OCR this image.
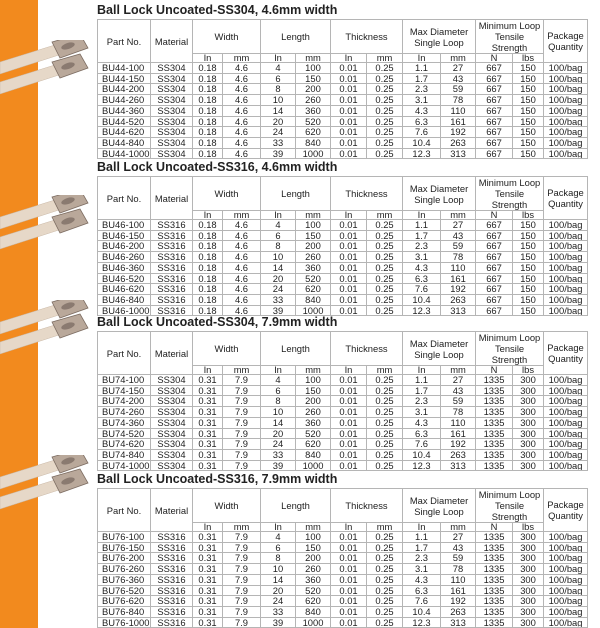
Ball Lock Uncoated-SS304, 4.6mm width
Part No.	Material	Width		Length		Thickness		Max Diameter Single Loop		Minimum Loop Tensile Strength		Package Quantity
		In	mm	In	mm	In	mm	In	mm	N	lbs	
BU44-100	SS304	0.18	4.6	4	100	0.01	0.25	1.1	27	667	150	100/bag
BU44-150	SS304	0.18	4.6	6	150	0.01	0.25	1.7	43	667	150	100/bag
BU44-200	SS304	0.18	4.6	8	200	0.01	0.25	2.3	59	667	150	100/bag
BU44-260	SS304	0.18	4.6	10	260	0.01	0.25	3.1	78	667	150	100/bag
BU44-360	SS304	0.18	4.6	14	360	0.01	0.25	4.3	110	667	150	100/bag
BU44-520	SS304	0.18	4.6	20	520	0.01	0.25	6.3	161	667	150	100/bag
BU44-620	SS304	0.18	4.6	24	620	0.01	0.25	7.6	192	667	150	100/bag
BU44-840	SS304	0.18	4.6	33	840	0.01	0.25	10.4	263	667	150	100/bag
BU44-1000	SS304	0.18	4.6	39	1000	0.01	0.25	12.3	313	667	150	100/bag
Ball Lock Uncoated-SS316, 4.6mm width
Part No.	Material	Width		Length		Thickness		Max Diameter Single Loop		Minimum Loop Tensile Strength		Package Quantity
		In	mm	In	mm	In	mm	In	mm	N	lbs	
BU46-100	SS316	0.18	4.6	4	100	0.01	0.25	1.1	27	667	150	100/bag
BU46-150	SS316	0.18	4.6	6	150	0.01	0.25	1.7	43	667	150	100/bag
BU46-200	SS316	0.18	4.6	8	200	0.01	0.25	2.3	59	667	150	100/bag
BU46-260	SS316	0.18	4.6	10	260	0.01	0.25	3.1	78	667	150	100/bag
BU46-360	SS316	0.18	4.6	14	360	0.01	0.25	4.3	110	667	150	100/bag
BU46-520	SS316	0.18	4.6	20	520	0.01	0.25	6.3	161	667	150	100/bag
BU46-620	SS316	0.18	4.6	24	620	0.01	0.25	7.6	192	667	150	100/bag
BU46-840	SS316	0.18	4.6	33	840	0.01	0.25	10.4	263	667	150	100/bag
BU46-1000	SS316	0.18	4.6	39	1000	0.01	0.25	12.3	313	667	150	100/bag
Ball Lock Uncoated-SS304, 7.9mm width
Part No.	Material	Width		Length		Thickness		Max Diameter Single Loop		Minimum Loop Tensile Strength		Package Quantity
		In	mm	In	mm	In	mm	In	mm	N	lbs	
BU74-100	SS304	0.31	7.9	4	100	0.01	0.25	1.1	27	1335	300	100/bag
BU74-150	SS304	0.31	7.9	6	150	0.01	0.25	1.7	43	1335	300	100/bag
BU74-200	SS304	0.31	7.9	8	200	0.01	0.25	2.3	59	1335	300	100/bag
BU74-260	SS304	0.31	7.9	10	260	0.01	0.25	3.1	78	1335	300	100/bag
BU74-360	SS304	0.31	7.9	14	360	0.01	0.25	4.3	110	1335	300	100/bag
BU74-520	SS304	0.31	7.9	20	520	0.01	0.25	6.3	161	1335	300	100/bag
BU74-620	SS304	0.31	7.9	24	620	0.01	0.25	7.6	192	1335	300	100/bag
BU74-840	SS304	0.31	7.9	33	840	0.01	0.25	10.4	263	1335	300	100/bag
BU74-1000	SS304	0.31	7.9	39	1000	0.01	0.25	12.3	313	1335	300	100/bag
Ball Lock Uncoated-SS316, 7.9mm width
Part No.	Material	Width		Length		Thickness		Max Diameter Single Loop		Minimum Loop Tensile Strength		Package Quantity
		In	mm	In	mm	In	mm	In	mm	N	lbs	
BU76-100	SS316	0.31	7.9	4	100	0.01	0.25	1.1	27	1335	300	100/bag
BU76-150	SS316	0.31	7.9	6	150	0.01	0.25	1.7	43	1335	300	100/bag
BU76-200	SS316	0.31	7.9	8	200	0.01	0.25	2.3	59	1335	300	100/bag
BU76-260	SS316	0.31	7.9	10	260	0.01	0.25	3.1	78	1335	300	100/bag
BU76-360	SS316	0.31	7.9	14	360	0.01	0.25	4.3	110	1335	300	100/bag
BU76-520	SS316	0.31	7.9	20	520	0.01	0.25	6.3	161	1335	300	100/bag
BU76-620	SS316	0.31	7.9	24	620	0.01	0.25	7.6	192	1335	300	100/bag
BU76-840	SS316	0.31	7.9	33	840	0.01	0.25	10.4	263	1335	300	100/bag
BU76-1000	SS316	0.31	7.9	39	1000	0.01	0.25	12.3	313	1335	300	100/bag
